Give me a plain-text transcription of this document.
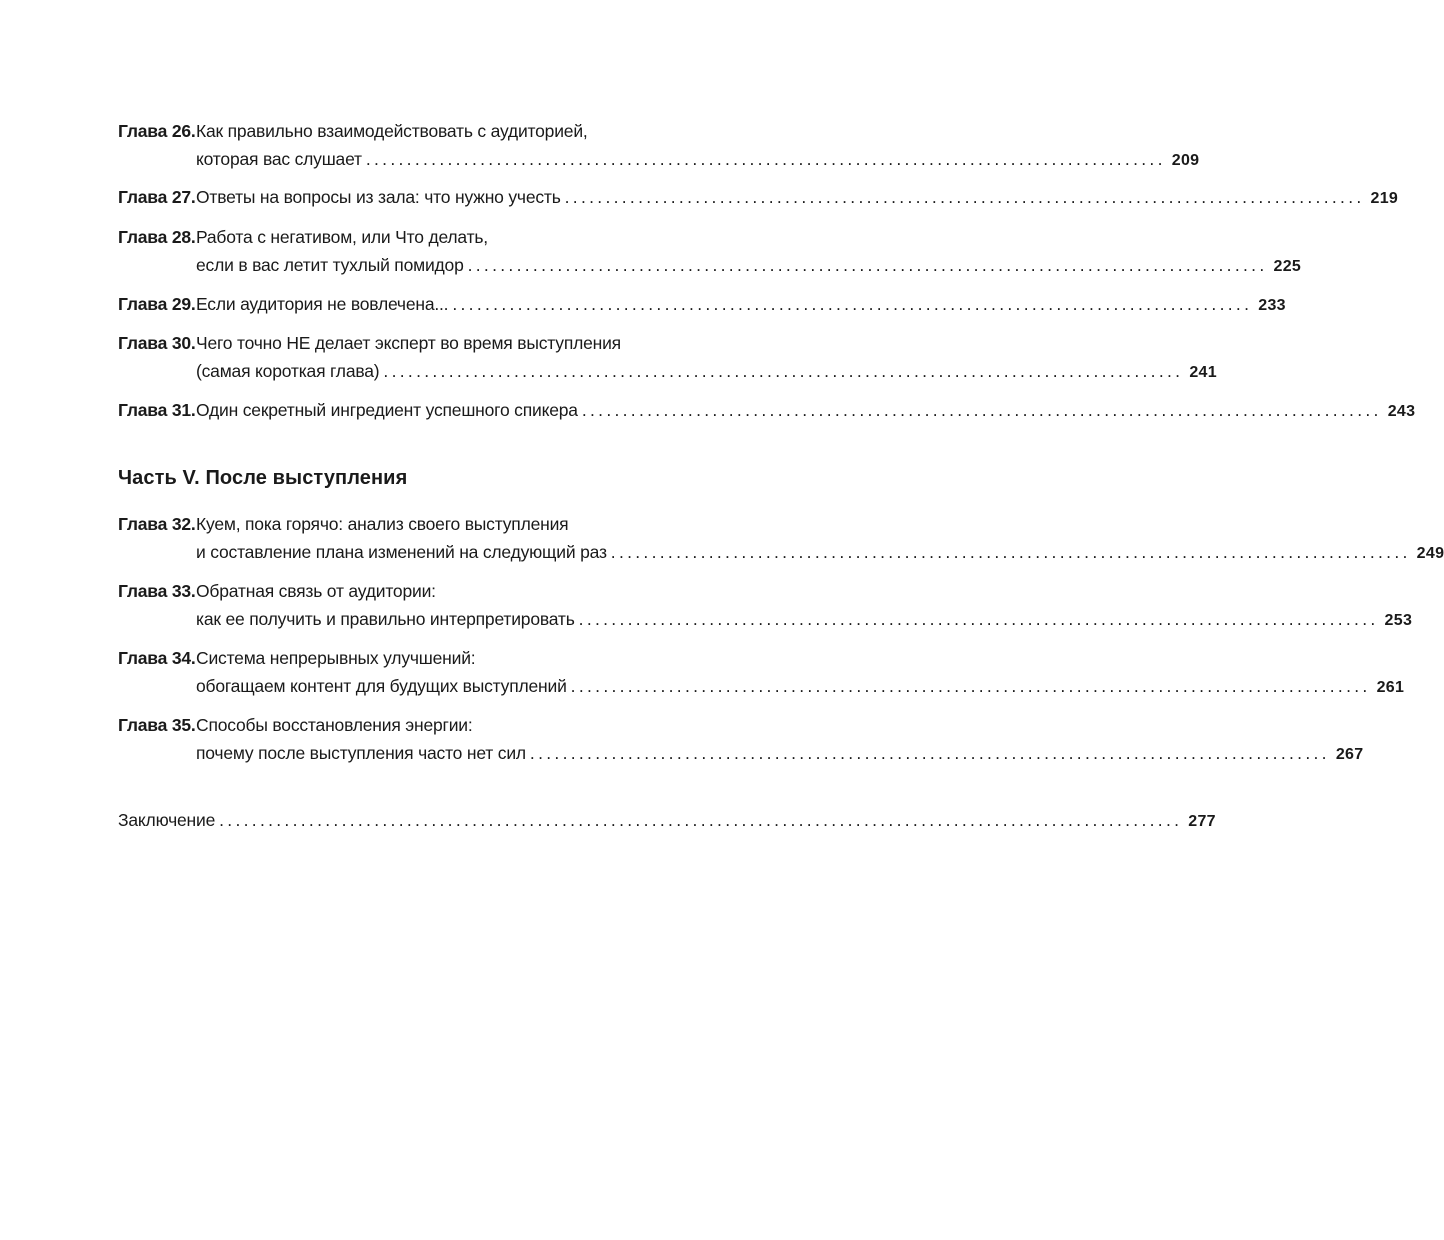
Глава 26. Как правильно взаимодействовать с аудиторией,
которая вас слушает .................................................................................................. 209
Глава 27. Ответы на вопросы из зала: что нужно учесть .................................................................................................. 219
Глава 28. Работа с негативом, или Что делать,
если в вас летит тухлый помидор .................................................................................................. 225
Глава 29. Если аудитория не вовлечена... .................................................................................................. 233
Глава 30. Чего точно НЕ делает эксперт во время выступления
(самая короткая глава) .................................................................................................. 241
Глава 31. Один секретный ингредиент успешного спикера .................................................................................................. 243
Часть V. После выступления
Глава 32. Куем, пока горячо: анализ своего выступления
и составление плана изменений на следующий раз .................................................................................................. 249
Глава 33. Обратная связь от аудитории:
как ее получить и правильно интерпретировать .................................................................................................. 253
Глава 34. Система непрерывных улучшений:
обогащаем контент для будущих выступлений .................................................................................................. 261
Глава 35. Способы восстановления энергии:
почему после выступления часто нет сил .................................................................................................. 267
Заключение ...................................................................................................................... 277
